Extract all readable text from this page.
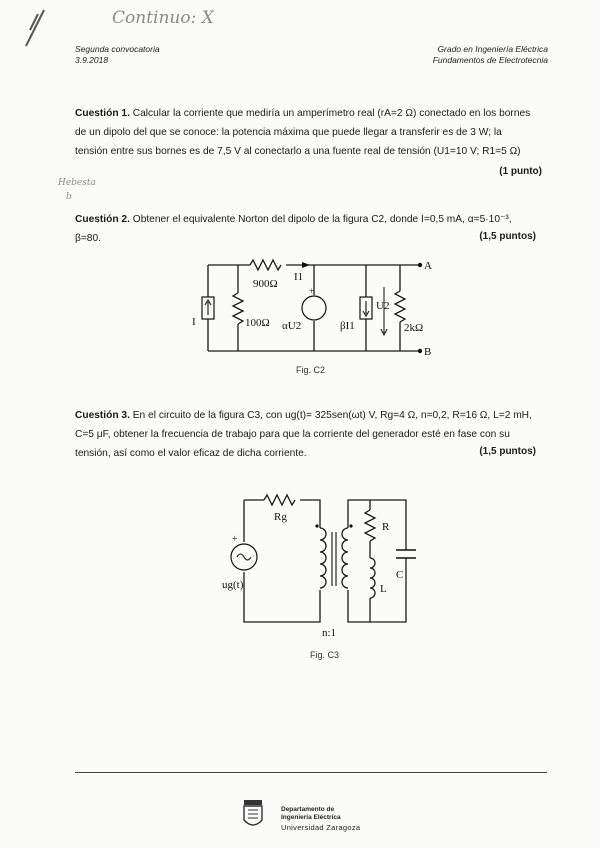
Continuo: X
Hebesta
b
Segunda convocatoria
3.9.2018
Grado en Ingeniería Eléctrica
Fundamentos de Electrotecnia
Cuestión 1. Calcular la corriente que mediría un amperímetro real (rA=2 Ω) conectado en los bornes
de un dipolo del que se conoce: la potencia máxima que puede llegar a transferir es de 3 W; la
tensión entre sus bornes es de 7,5 V al conectarlo a una fuente real de tensión (U1=10 V; R1=5 Ω)
(1 punto)
Cuestión 2. Obtener el equivalente Norton del dipolo de la figura C2, donde I=0,5 mA, α=5·10⁻³,
β=80.	(1,5 puntos)
+
900Ω
100Ω	2kΩ
I	αU2	βI1
I1
U2
A
B
Fig. C2
Cuestión 3. En el circuito de la figura C3, con ug(t)= 325sen(ωt) V, Rg=4 Ω, n=0,2, R=16 Ω, L=2 mH,
C=5 μF, obtener la frecuencia de trabajo para que la corriente del generador esté en fase con su
tensión, así como el valor eficaz de dicha corriente.	(1,5 puntos)
+
Rg
ug(t)
R
L
C
n:1
Fig. C3
Departamento de
Ingeniería Eléctrica
Universidad Zaragoza
